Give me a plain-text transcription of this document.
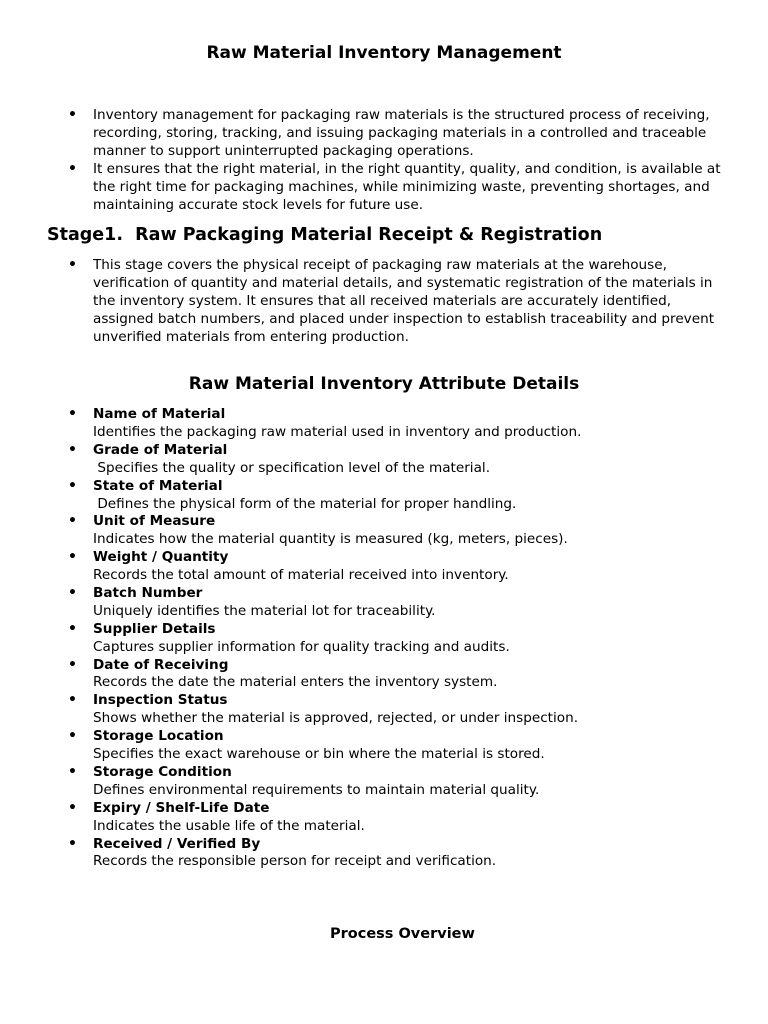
Raw Material Inventory Management
• Inventory management for packaging raw materials is the structured process of receiving, recording, storing, tracking, and issuing packaging materials in a controlled and traceable manner to support uninterrupted packaging operations.
• It ensures that the right material, in the right quantity, quality, and condition, is available at the right time for packaging machines, while minimizing waste, preventing shortages, and maintaining accurate stock levels for future use.
Stage1.  Raw Packaging Material Receipt & Registration
• This stage covers the physical receipt of packaging raw materials at the warehouse, verification of quantity and material details, and systematic registration of the materials in the inventory system. It ensures that all received materials are accurately identified, assigned batch numbers, and placed under inspection to establish traceability and prevent unverified materials from entering production.
Raw Material Inventory Attribute Details
• Name of Material
Identifies the packaging raw material used in inventory and production.
• Grade of Material
Specifies the quality or specification level of the material.
• State of Material
Defines the physical form of the material for proper handling.
• Unit of Measure
Indicates how the material quantity is measured (kg, meters, pieces).
• Weight / Quantity
Records the total amount of material received into inventory.
• Batch Number
Uniquely identifies the material lot for traceability.
• Supplier Details
Captures supplier information for quality tracking and audits.
• Date of Receiving
Records the date the material enters the inventory system.
• Inspection Status
Shows whether the material is approved, rejected, or under inspection.
• Storage Location
Specifies the exact warehouse or bin where the material is stored.
• Storage Condition
Defines environmental requirements to maintain material quality.
• Expiry / Shelf-Life Date
Indicates the usable life of the material.
• Received / Verified By
Records the responsible person for receipt and verification.
Process Overview
